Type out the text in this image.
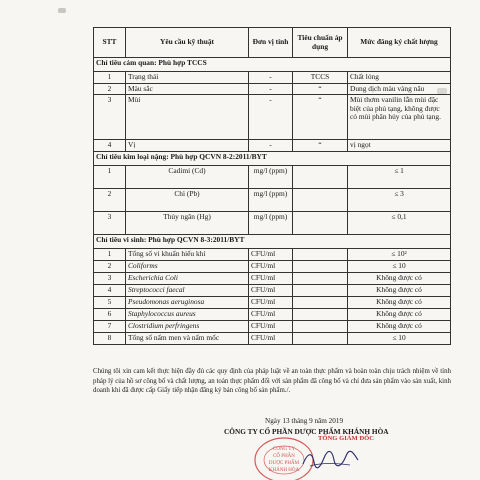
STT	Yêu cầu kỹ thuật	Đơn vị tính	Tiêu chuẩn áp dụng	Mức đăng ký chất lượng
Chỉ tiêu cảm quan: Phù hợp TCCS				
1	Trạng thái	-	TCCS	Chất lỏng
2	Màu sắc	-	“	Dung dịch màu vàng nâu
3	Mùi	-	“	Mùi thơm vanilin lẫn mùi đặc biệt của phủ tạng, không được có mùi phân hủy của phủ tạng.
4	Vị	-	“	vị ngọt
Chỉ tiêu kim loại nặng: Phù hợp QCVN 8-2:2011/BYT				
1	Cadimi (Cd)	mg/l (ppm)		≤ 1
2	Chì (Pb)	mg/l (ppm)		≤ 3
3	Thủy ngân (Hg)	mg/l (ppm)		≤ 0,1
Chỉ tiêu vi sinh: Phù hợp QCVN 8-3:2011/BYT				
1	Tổng số vi khuẩn hiếu khí	CFU/ml		≤ 10²
2	Coliforms	CFU/ml		≤ 10
3	Escherichia Coli	CFU/ml		Không được có
4	Streptococci faecal	CFU/ml		Không được có
5	Pseudomonas aeruginosa	CFU/ml		Không được có
6	Staphylococcus aureus	CFU/ml		Không được có
7	Clostridium perfringens	CFU/ml		Không được có
8	Tổng số nấm men và nấm mốc	CFU/ml		≤ 10
Chúng tôi xin cam kết thực hiện đầy đủ các quy định của pháp luật về an toàn thực phẩm và hoàn toàn chịu trách nhiệm về tính pháp lý của hồ sơ công bố và chất lượng, an toàn thực phẩm đối với sản phẩm đã công bố và chỉ đưa sản phẩm vào sản xuất, kinh doanh khi đã được cấp Giấy tiếp nhận đăng ký bản công bố sản phẩm./.
Ngày 13 tháng 9 năm 2019
CÔNG TY CỔ PHẦN DƯỢC PHẨM KHÁNH HÒA
CÔNG TY
CỔ PHẦN
DƯỢC PHẨM
KHÁNH HÒA
TỔNG GIÁM ĐỐC
